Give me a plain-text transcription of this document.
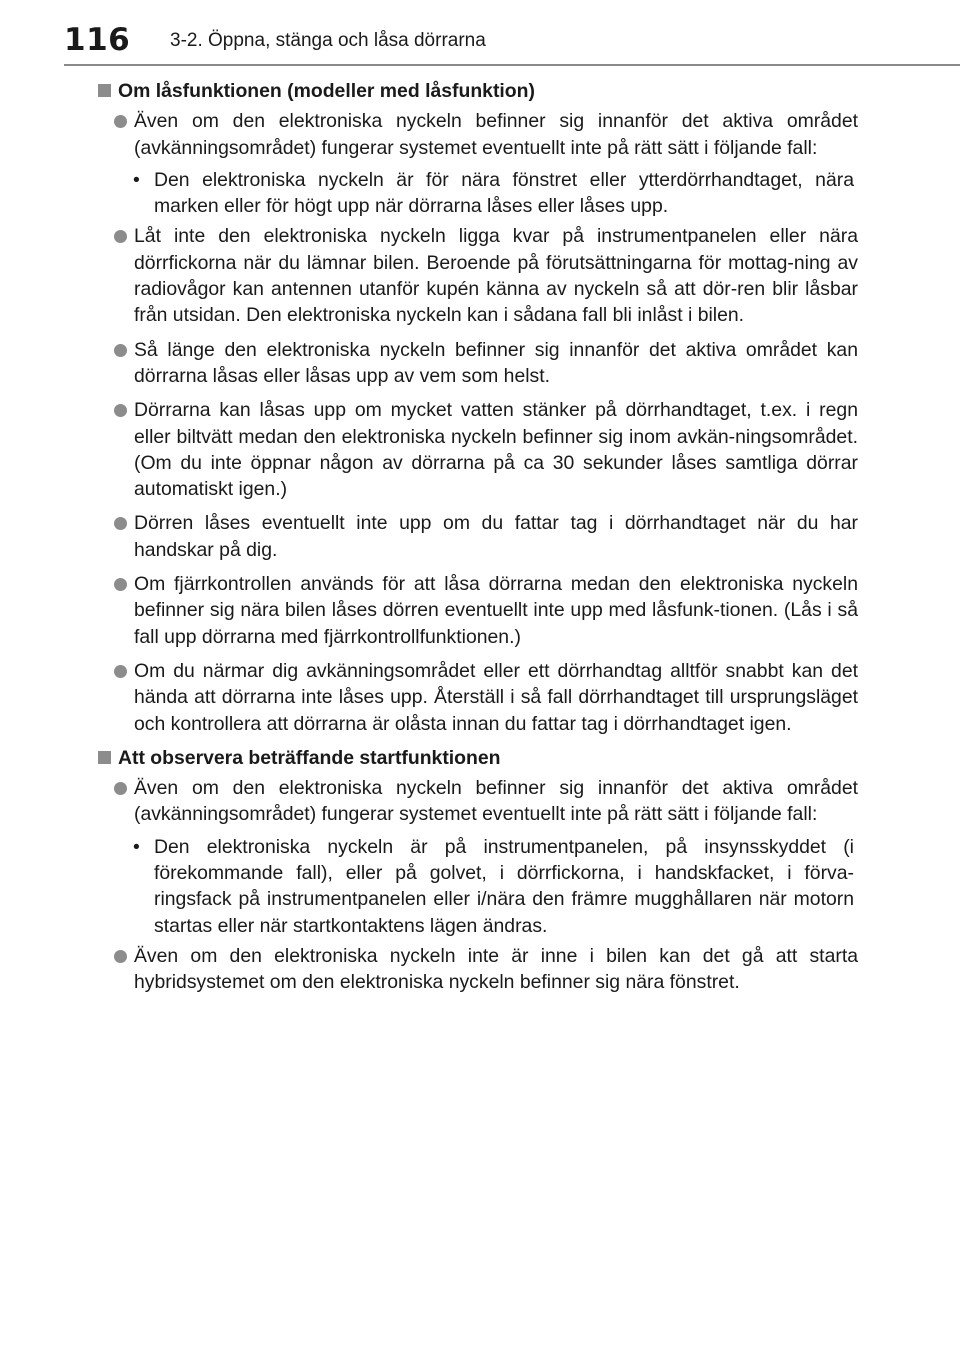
116 3-2. Öppna, stänga och låsa dörrarna
Om låsfunktionen (modeller med låsfunktion)
Även om den elektroniska nyckeln befinner sig innanför det aktiva området (avkänningsområdet) fungerar systemet eventuellt inte på rätt sätt i följande fall:
• Den elektroniska nyckeln är för nära fönstret eller ytterdörrhandtaget, nära marken eller för högt upp när dörrarna låses eller låses upp.
Låt inte den elektroniska nyckeln ligga kvar på instrumentpanelen eller nära dörrfickorna när du lämnar bilen. Beroende på förutsättningarna för mottag-ning av radiovågor kan antennen utanför kupén känna av nyckeln så att dör-ren blir låsbar från utsidan. Den elektroniska nyckeln kan i sådana fall bli inlåst i bilen.
Så länge den elektroniska nyckeln befinner sig innanför det aktiva området kan dörrarna låsas eller låsas upp av vem som helst.
Dörrarna kan låsas upp om mycket vatten stänker på dörrhandtaget, t.ex. i regn eller biltvätt medan den elektroniska nyckeln befinner sig inom avkän-ningsområdet. (Om du inte öppnar någon av dörrarna på ca 30 sekunder låses samtliga dörrar automatiskt igen.)
Dörren låses eventuellt inte upp om du fattar tag i dörrhandtaget när du har handskar på dig.
Om fjärrkontrollen används för att låsa dörrarna medan den elektroniska nyckeln befinner sig nära bilen låses dörren eventuellt inte upp med låsfunk-tionen. (Lås i så fall upp dörrarna med fjärrkontrollfunktionen.)
Om du närmar dig avkänningsområdet eller ett dörrhandtag alltför snabbt kan det hända att dörrarna inte låses upp. Återställ i så fall dörrhandtaget till ursprungsläget och kontrollera att dörrarna är olåsta innan du fattar tag i dörrhandtaget igen.
Att observera beträffande startfunktionen
Även om den elektroniska nyckeln befinner sig innanför det aktiva området (avkänningsområdet) fungerar systemet eventuellt inte på rätt sätt i följande fall:
• Den elektroniska nyckeln är på instrumentpanelen, på insynsskyddet (i förekommande fall), eller på golvet, i dörrfickorna, i handskfacket, i förva-ringsfack på instrumentpanelen eller i/nära den främre mugghållaren när motorn startas eller när startkontaktens lägen ändras.
Även om den elektroniska nyckeln inte är inne i bilen kan det gå att starta hybridsystemet om den elektroniska nyckeln befinner sig nära fönstret.
